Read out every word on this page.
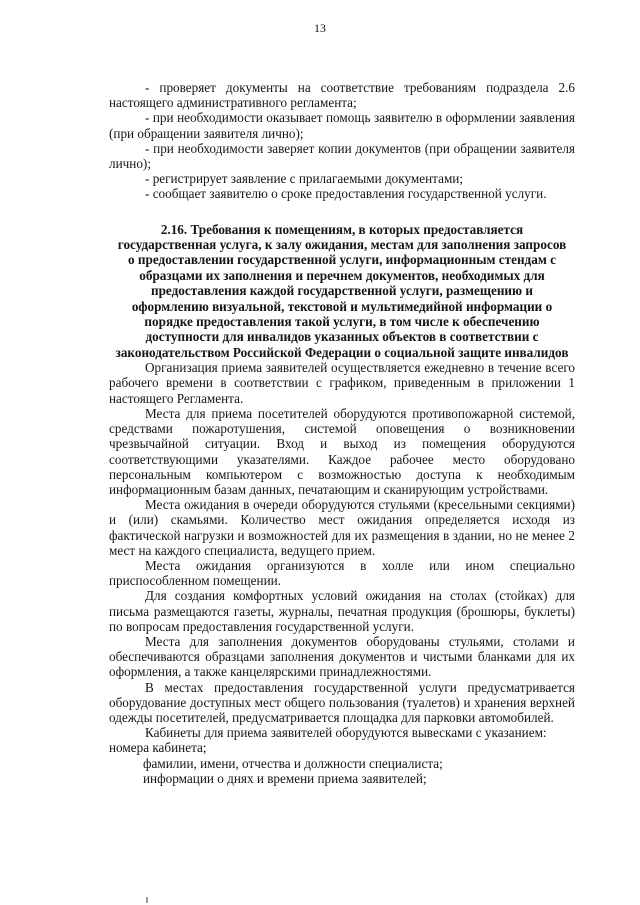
13

- проверяет документы на соответствие требованиям подраздела 2.6 настоящего административного регламента;

- при необходимости оказывает помощь заявителю в оформлении заявления (при обращении заявителя лично);

- при необходимости заверяет копии документов (при обращении заявителя лично);

- регистрирует заявление с прилагаемыми документами;

- сообщает заявителю о сроке предоставления государственной услуги.

2.16. Требования к помещениям, в которых предоставляется
государственная услуга, к залу ожидания, местам для заполнения запросов
о предоставлении государственной услуги, информационным стендам с
образцами их заполнения и перечнем документов, необходимых для
предоставления каждой государственной услуги, размещению и
оформлению визуальной, текстовой и мультимедийной информации о
порядке предоставления такой услуги, в том числе к обеспечению
доступности для инвалидов указанных объектов в соответствии с
законодательством Российской Федерации о социальной защите инвалидов

Организация приема заявителей осуществляется ежедневно в течение всего рабочего времени в соответствии с графиком, приведенным в приложении 1 настоящего Регламента.

Места для приема посетителей оборудуются противопожарной системой, средствами пожаротушения, системой оповещения о возникновении чрезвычайной ситуации. Вход и выход из помещения оборудуются соответствующими указателями. Каждое рабочее место оборудовано персональным компьютером с возможностью доступа к необходимым информационным базам данных, печатающим и сканирующим устройствами.

Места ожидания в очереди оборудуются стульями (кресельными секциями) и (или) скамьями. Количество мест ожидания определяется исходя из фактической нагрузки и возможностей для их размещения в здании, но не менее 2 мест на каждого специалиста, ведущего прием.

Места ожидания организуются в холле или ином специально приспособленном помещении.

Для создания комфортных условий ожидания на столах (стойках) для письма размещаются газеты, журналы, печатная продукция (брошюры, буклеты) по вопросам предоставления государственной услуги.

Места для заполнения документов оборудованы стульями, столами и обеспечиваются образцами заполнения документов и чистыми бланками для их оформления, а также канцелярскими принадлежностями.

В местах предоставления государственной услуги предусматривается оборудование доступных мест общего пользования (туалетов) и хранения верхней одежды посетителей, предусматривается площадка для парковки автомобилей.

Кабинеты для приема заявителей оборудуются вывесками с указанием:

номера кабинета;

фамилии, имени, отчества и должности специалиста;

информации о днях и времени приема заявителей;
